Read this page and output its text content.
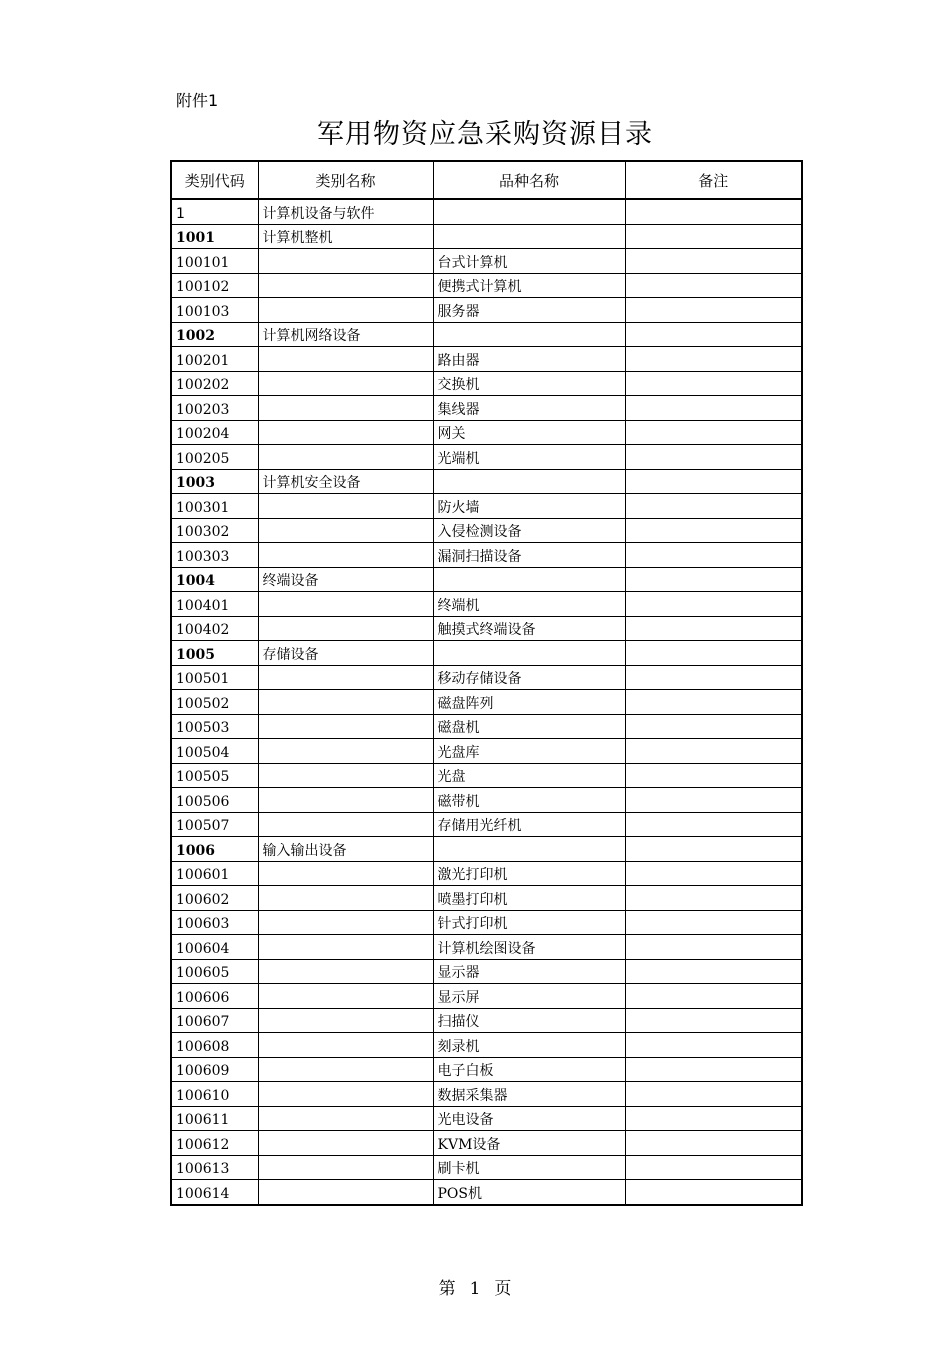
附件1
军用物资应急采购资源目录
类别代码	类别名称	品种名称	备注
1	计算机设备与软件		
1001	计算机整机		
100101		台式计算机	
100102		便携式计算机	
100103		服务器	
1002	计算机网络设备		
100201		路由器	
100202		交换机	
100203		集线器	
100204		网关	
100205		光端机	
1003	计算机安全设备		
100301		防火墙	
100302		入侵检测设备	
100303		漏洞扫描设备	
1004	终端设备		
100401		终端机	
100402		触摸式终端设备	
1005	存储设备		
100501		移动存储设备	
100502		磁盘阵列	
100503		磁盘机	
100504		光盘库	
100505		光盘	
100506		磁带机	
100507		存储用光纤机	
1006	输入输出设备		
100601		激光打印机	
100602		喷墨打印机	
100603		针式打印机	
100604		计算机绘图设备	
100605		显示器	
100606		显示屏	
100607		扫描仪	
100608		刻录机	
100609		电子白板	
100610		数据采集器	
100611		光电设备	
100612		KVM设备	
100613		刷卡机	
100614		POS机	
第 1 页
